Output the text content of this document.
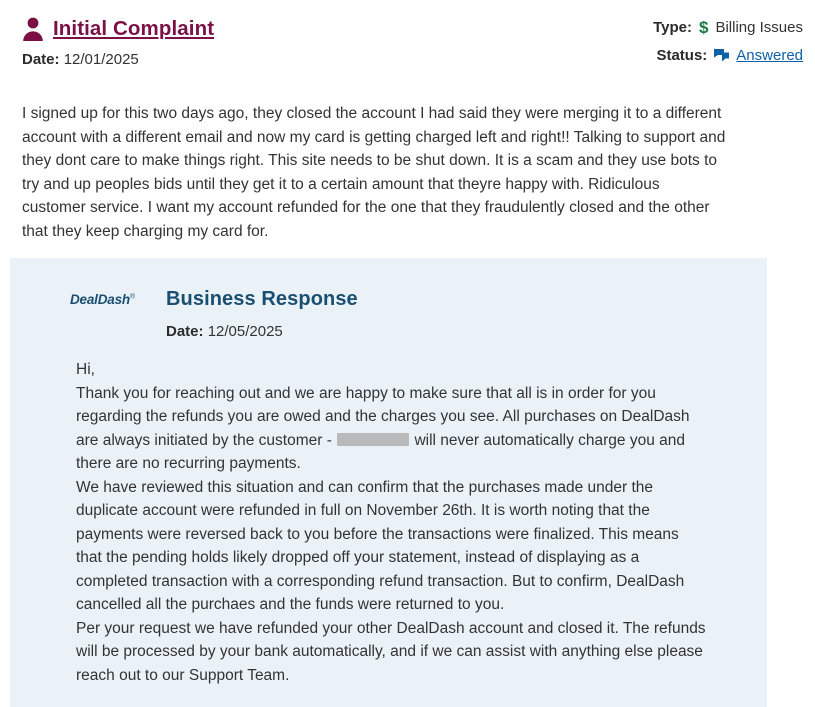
Initial Complaint
Date: 12/01/2025
Type: $ Billing Issues
Status: Answered
I signed up for this two days ago, they closed the account I had said they were merging it to a different account with a different email and now my card is getting charged left and right!! Talking to support and they dont care to make things right. This site needs to be shut down. It is a scam and they use bots to try and up peoples bids until they get it to a certain amount that theyre happy with. Ridiculous customer service. I want my account refunded for the one that they fraudulently closed and the other that they keep charging my card for.
DealDash®	Business Response
Date: 12/05/2025

Hi,

Thank you for reaching out and we are happy to make sure that all is in order for you regarding the refunds you are owed and the charges you see. All purchases on DealDash are always initiated by the customer -	will never automatically charge you and there are no recurring payments.

We have reviewed this situation and can confirm that the purchases made under the duplicate account were refunded in full on November 26th. It is worth noting that the payments were reversed back to you before the transactions were finalized. This means that the pending holds likely dropped off your statement, instead of displaying as a completed transaction with a corresponding refund transaction. But to confirm, DealDash cancelled all the purchaes and the funds were returned to you.

Per your request we have refunded your other DealDash account and closed it. The refunds will be processed by your bank automatically, and if we can assist with anything else please reach out to our Support Team.
